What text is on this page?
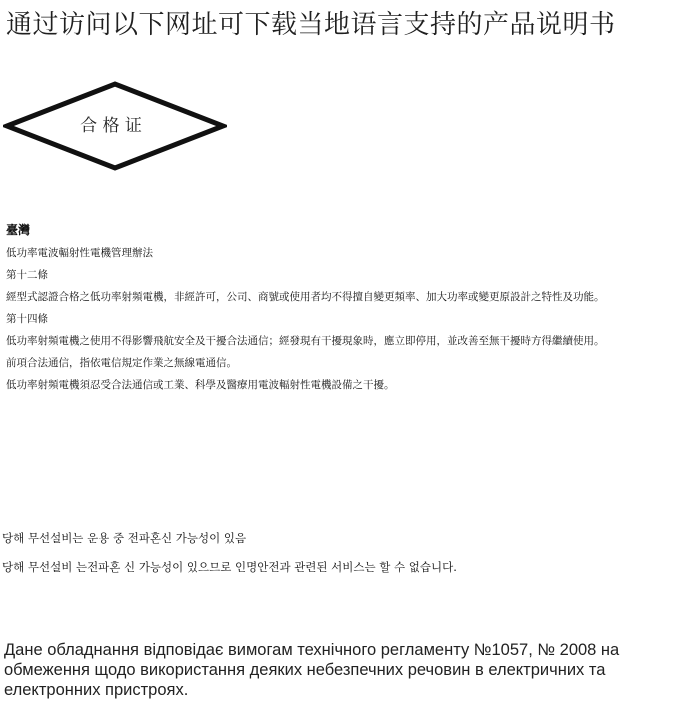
通过访问以下网址可下载当地语言支持的产品说明书
合 格 证
臺灣
低功率電波輻射性電機管理辦法
第十二條
經型式認證合格之低功率射頻電機，非經許可，公司、商號或使用者均不得擅自變更頻率、加大功率或變更原設計之特性及功能。
第十四條
低功率射頻電機之使用不得影響飛航安全及干擾合法通信；經發現有干擾現象時，應立即停用，並改善至無干擾時方得繼續使用。
前項合法通信，指依電信規定作業之無線電通信。
低功率射頻電機須忍受合法通信或工業、科學及醫療用電波輻射性電機設備之干擾。
당해 무선설비는 운용 중 전파혼신 가능성이 있음
당해 무선설비 는전파혼 신 가능성이 있으므로 인명안전과 관련된 서비스는 할 수 없습니다.
Дане обладнання відповідає вимогам технічного регламенту №1057, № 2008 на обмеження щодо використання деяких небезпечних речовин в електричних та електронних пристроях.
